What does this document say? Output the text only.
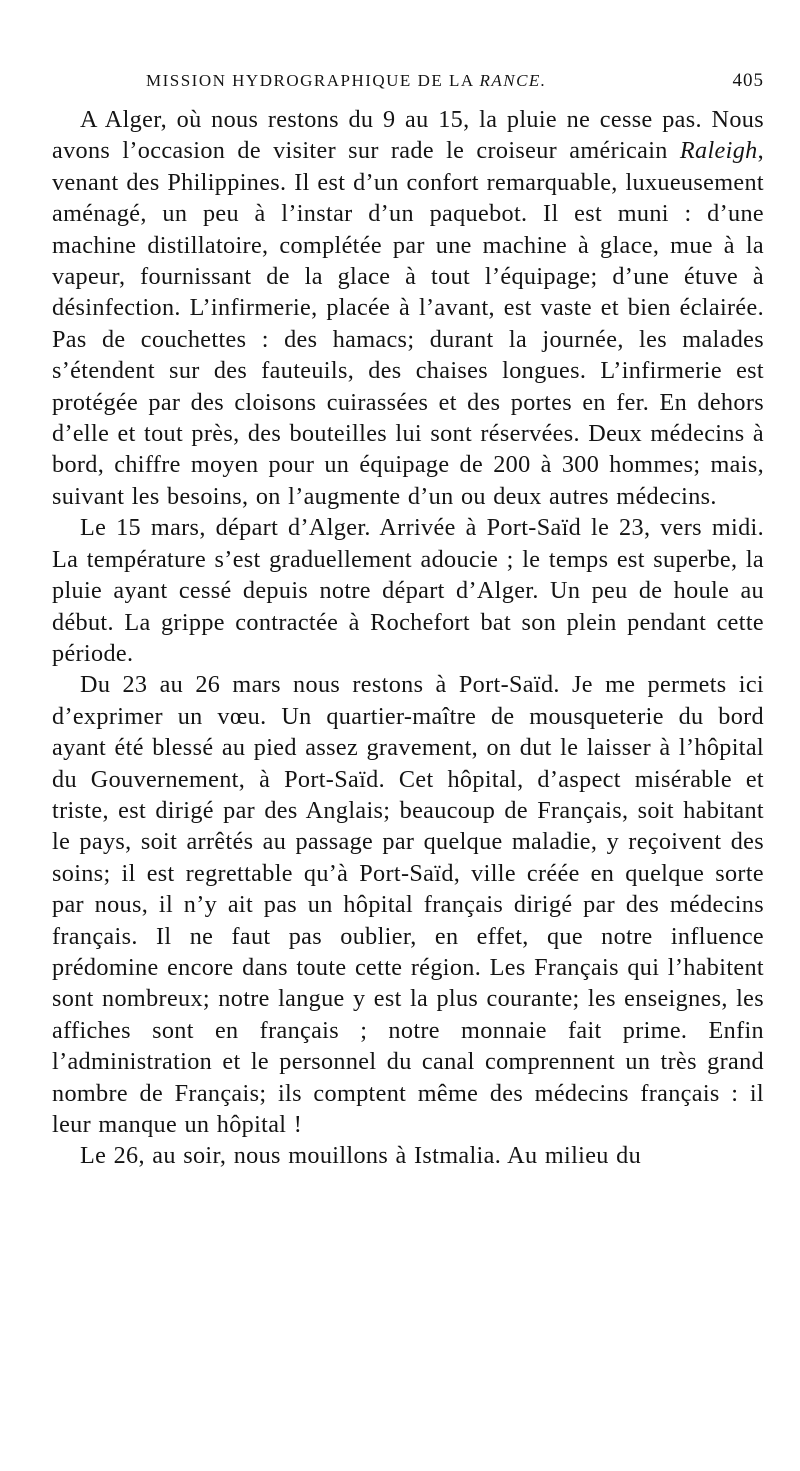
MISSION HYDROGRAPHIQUE DE LA RANCE.	405

A Alger, où nous restons du 9 au 15, la pluie ne cesse pas. Nous avons l’occasion de visiter sur rade le croiseur américain Raleigh, venant des Philippines. Il est d’un confort remarquable, luxueusement aménagé, un peu à l’instar d’un paquebot. Il est muni : d’une machine distillatoire, complétée par une machine à glace, mue à la vapeur, fournissant de la glace à tout l’équipage; d’une étuve à désinfection. L’infirmerie, placée à l’avant, est vaste et bien éclairée. Pas de couchettes : des hamacs; durant la journée, les malades s’étendent sur des fauteuils, des chaises longues. L’infirmerie est protégée par des cloisons cuirassées et des portes en fer. En dehors d’elle et tout près, des bouteilles lui sont réservées. Deux médecins à bord, chiffre moyen pour un équipage de 200 à 300 hommes; mais, suivant les besoins, on l’augmente d’un ou deux autres médecins.

Le 15 mars, départ d’Alger. Arrivée à Port-Saïd le 23, vers midi. La température s’est graduellement adoucie ; le temps est superbe, la pluie ayant cessé depuis notre départ d’Alger. Un peu de houle au début. La grippe contractée à Rochefort bat son plein pendant cette période.

Du 23 au 26 mars nous restons à Port-Saïd. Je me permets ici d’exprimer un vœu. Un quartier-maître de mousqueterie du bord ayant été blessé au pied assez gravement, on dut le laisser à l’hôpital du Gouvernement, à Port-Saïd. Cet hôpital, d’aspect misérable et triste, est dirigé par des Anglais; beaucoup de Français, soit habitant le pays, soit arrêtés au passage par quelque maladie, y reçoivent des soins; il est regrettable qu’à Port-Saïd, ville créée en quelque sorte par nous, il n’y ait pas un hôpital français dirigé par des médecins français. Il ne faut pas oublier, en effet, que notre influence prédomine encore dans toute cette région. Les Français qui l’habitent sont nombreux; notre langue y est la plus courante; les enseignes, les affiches sont en français ; notre monnaie fait prime. Enfin l’administration et le personnel du canal comprennent un très grand nombre de Français; ils comptent même des médecins français : il leur manque un hôpital !

Le 26, au soir, nous mouillons à Istmalia. Au milieu du
